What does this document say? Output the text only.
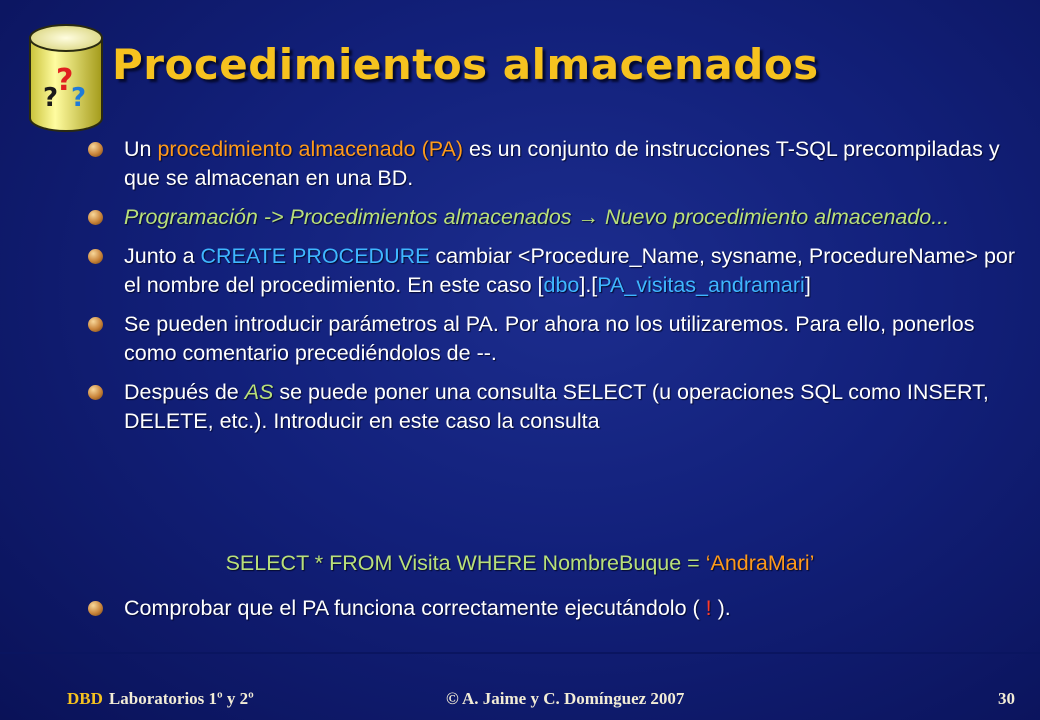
?
?
?
Procedimientos almacenados
Un procedimiento almacenado (PA) es un conjunto de instrucciones T-SQL precompiladas y que se almacenan en una BD.
Programación -> Procedimientos almacenados → Nuevo procedimiento almacenado...
Junto a CREATE PROCEDURE cambiar <Procedure_Name, sysname, ProcedureName> por el nombre del procedimiento. En este caso [dbo].[PA_visitas_andramari]
Se pueden introducir parámetros al PA. Por ahora no los utilizaremos. Para ello, ponerlos como comentario precediéndolos de --.
Después de AS se puede poner una consulta SELECT (u operaciones SQL como INSERT, DELETE, etc.). Introducir en este caso la consulta
SELECT * FROM Visita WHERE NombreBuque = ‘AndraMari’
Comprobar que el PA funciona correctamente ejecutándolo ( ! ).
DBD Laboratorios 1º y 2º	© A. Jaime y C. Domínguez 2007	30
